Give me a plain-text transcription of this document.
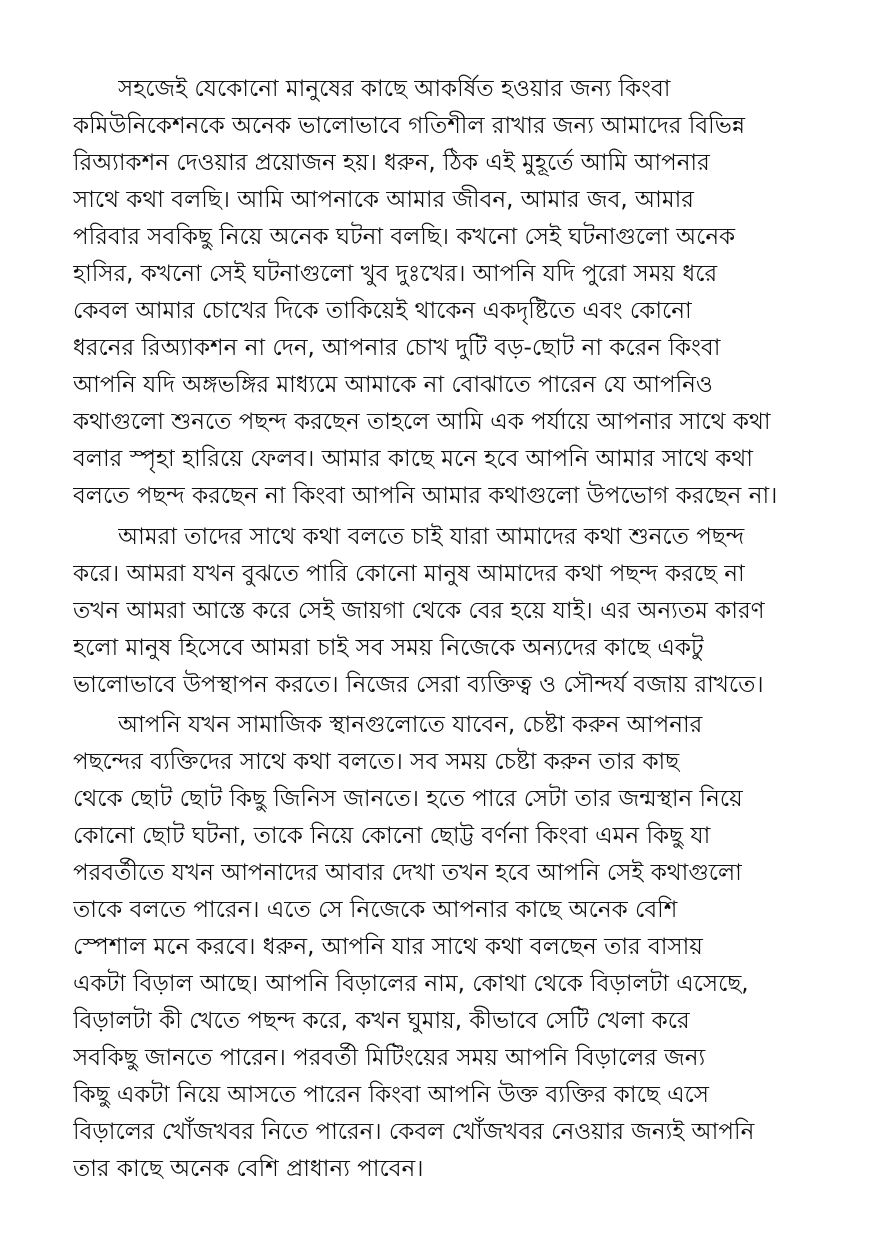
সহজেই যেকোনো মানুষের কাছে আকর্ষিত হওয়ার জন্য কিংবা
কমিউনিকেশনকে অনেক ভালোভাবে গতিশীল রাখার জন্য আমাদের বিভিন্ন
রিঅ্যাকশন দেওয়ার প্রয়োজন হয়। ধরুন, ঠিক এই মুহূর্তে আমি আপনার
সাথে কথা বলছি। আমি আপনাকে আমার জীবন, আমার জব, আমার
পরিবার সবকিছু নিয়ে অনেক ঘটনা বলছি। কখনো সেই ঘটনাগুলো অনেক
হাসির, কখনো সেই ঘটনাগুলো খুব দুঃখের। আপনি যদি পুরো সময় ধরে
কেবল আমার চোখের দিকে তাকিয়েই থাকেন একদৃষ্টিতে এবং কোনো
ধরনের রিঅ্যাকশন না দেন, আপনার চোখ দুটি বড়-ছোট না করেন কিংবা
আপনি যদি অঙ্গভঙ্গির মাধ্যমে আমাকে না বোঝাতে পারেন যে আপনিও
কথাগুলো শুনতে পছন্দ করছেন তাহলে আমি এক পর্যায়ে আপনার সাথে কথা
বলার স্পৃহা হারিয়ে ফেলব। আমার কাছে মনে হবে আপনি আমার সাথে কথা
বলতে পছন্দ করছেন না কিংবা আপনি আমার কথাগুলো উপভোগ করছেন না।
আমরা তাদের সাথে কথা বলতে চাই যারা আমাদের কথা শুনতে পছন্দ
করে। আমরা যখন বুঝতে পারি কোনো মানুষ আমাদের কথা পছন্দ করছে না
তখন আমরা আস্তে করে সেই জায়গা থেকে বের হয়ে যাই। এর অন্যতম কারণ
হলো মানুষ হিসেবে আমরা চাই সব সময় নিজেকে অন্যদের কাছে একটু
ভালোভাবে উপস্থাপন করতে। নিজের সেরা ব্যক্তিত্ব ও সৌন্দর্য বজায় রাখতে।
আপনি যখন সামাজিক স্থানগুলোতে যাবেন, চেষ্টা করুন আপনার
পছন্দের ব্যক্তিদের সাথে কথা বলতে। সব সময় চেষ্টা করুন তার কাছ
থেকে ছোট ছোট কিছু জিনিস জানতে। হতে পারে সেটা তার জন্মস্থান নিয়ে
কোনো ছোট ঘটনা, তাকে নিয়ে কোনো ছোট্ট বর্ণনা কিংবা এমন কিছু যা
পরবর্তীতে যখন আপনাদের আবার দেখা তখন হবে আপনি সেই কথাগুলো
তাকে বলতে পারেন। এতে সে নিজেকে আপনার কাছে অনেক বেশি
স্পেশাল মনে করবে। ধরুন, আপনি যার সাথে কথা বলছেন তার বাসায়
একটা বিড়াল আছে। আপনি বিড়ালের নাম, কোথা থেকে বিড়ালটা এসেছে,
বিড়ালটা কী খেতে পছন্দ করে, কখন ঘুমায়, কীভাবে সেটি খেলা করে
সবকিছু জানতে পারেন। পরবর্তী মিটিংয়ের সময় আপনি বিড়ালের জন্য
কিছু একটা নিয়ে আসতে পারেন কিংবা আপনি উক্ত ব্যক্তির কাছে এসে
বিড়ালের খোঁজখবর নিতে পারেন। কেবল খোঁজখবর নেওয়ার জন্যই আপনি
তার কাছে অনেক বেশি প্রাধান্য পাবেন।
